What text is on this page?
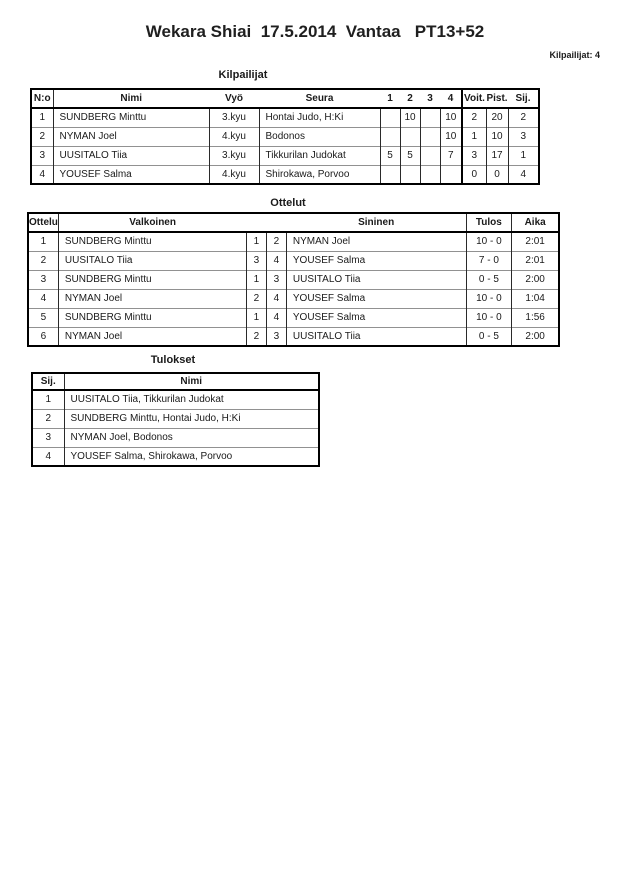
Wekara Shiai  17.5.2014  Vantaa   PT13+52
Kilpailijat: 4
Kilpailijat
N:o	Nimi	Vyö	Seura	1	2	3	4	Voit.	Pist.	Sij.
1	SUNDBERG Minttu	3.kyu	Hontai Judo, H:Ki		10		10	2	20	2
2	NYMAN Joel	4.kyu	Bodonos				10	1	10	3
3	UUSITALO Tiia	3.kyu	Tikkurilan Judokat	5	5		7	3	17	1
4	YOUSEF Salma	4.kyu	Shirokawa, Porvoo					0	0	4
Ottelut
Ottelu	Valkoinen			Sininen	Tulos	Aika
1	SUNDBERG Minttu	1	2	NYMAN Joel	10 - 0	2:01
2	UUSITALO Tiia	3	4	YOUSEF Salma	7 - 0	2:01
3	SUNDBERG Minttu	1	3	UUSITALO Tiia	0 - 5	2:00
4	NYMAN Joel	2	4	YOUSEF Salma	10 - 0	1:04
5	SUNDBERG Minttu	1	4	YOUSEF Salma	10 - 0	1:56
6	NYMAN Joel	2	3	UUSITALO Tiia	0 - 5	2:00
Tulokset
Sij.	Nimi
1	UUSITALO Tiia, Tikkurilan Judokat
2	SUNDBERG Minttu, Hontai Judo, H:Ki
3	NYMAN Joel, Bodonos
4	YOUSEF Salma, Shirokawa, Porvoo
